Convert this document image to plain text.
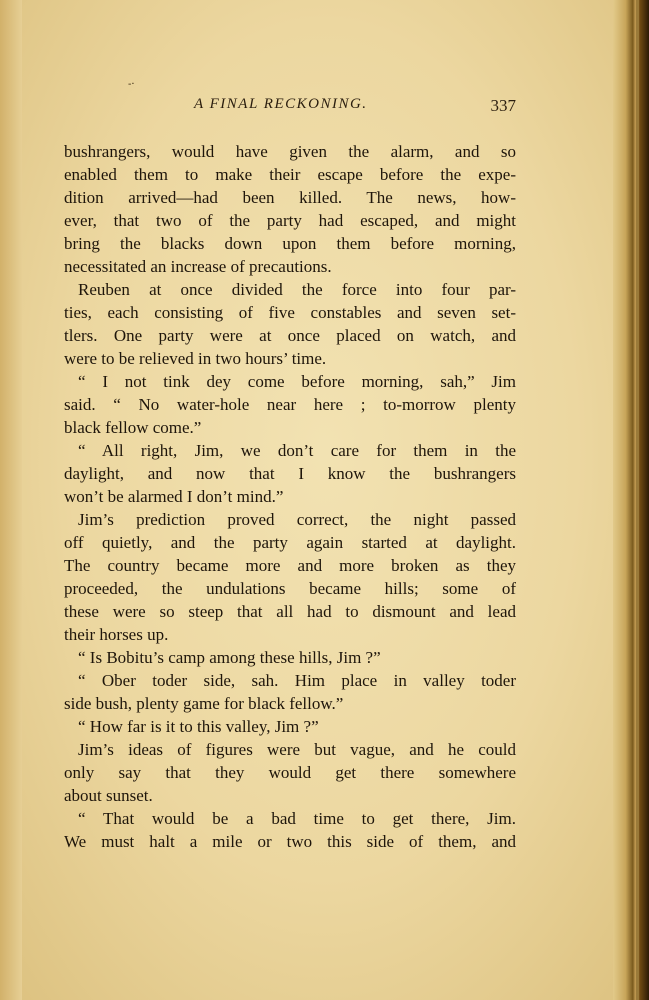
-·
A FINAL RECKONING.	337
bushrangers, would have given the alarm, and so
enabled them to make their escape before the expe-
dition arrived—had been killed. The news, how-
ever, that two of the party had escaped, and might
bring the blacks down upon them before morning,
necessitated an increase of precautions.
Reuben at once divided the force into four par-
ties, each consisting of five constables and seven set-
tlers. One party were at once placed on watch, and
were to be relieved in two hours’ time.
“ I not tink dey come before morning, sah,” Jim
said. “ No water-hole near here ; to-morrow plenty
black fellow come.”
“ All right, Jim, we don’t care for them in the
daylight, and now that I know the bushrangers
won’t be alarmed I don’t mind.”
Jim’s prediction proved correct, the night passed
off quietly, and the party again started at daylight.
The country became more and more broken as they
proceeded, the undulations became hills; some of
these were so steep that all had to dismount and lead
their horses up.
“ Is Bobitu’s camp among these hills, Jim ?”
“ Ober toder side, sah. Him place in valley toder
side bush, plenty game for black fellow.”
“ How far is it to this valley, Jim ?”
Jim’s ideas of figures were but vague, and he could
only say that they would get there somewhere
about sunset.
“ That would be a bad time to get there, Jim.
We must halt a mile or two this side of them, and
